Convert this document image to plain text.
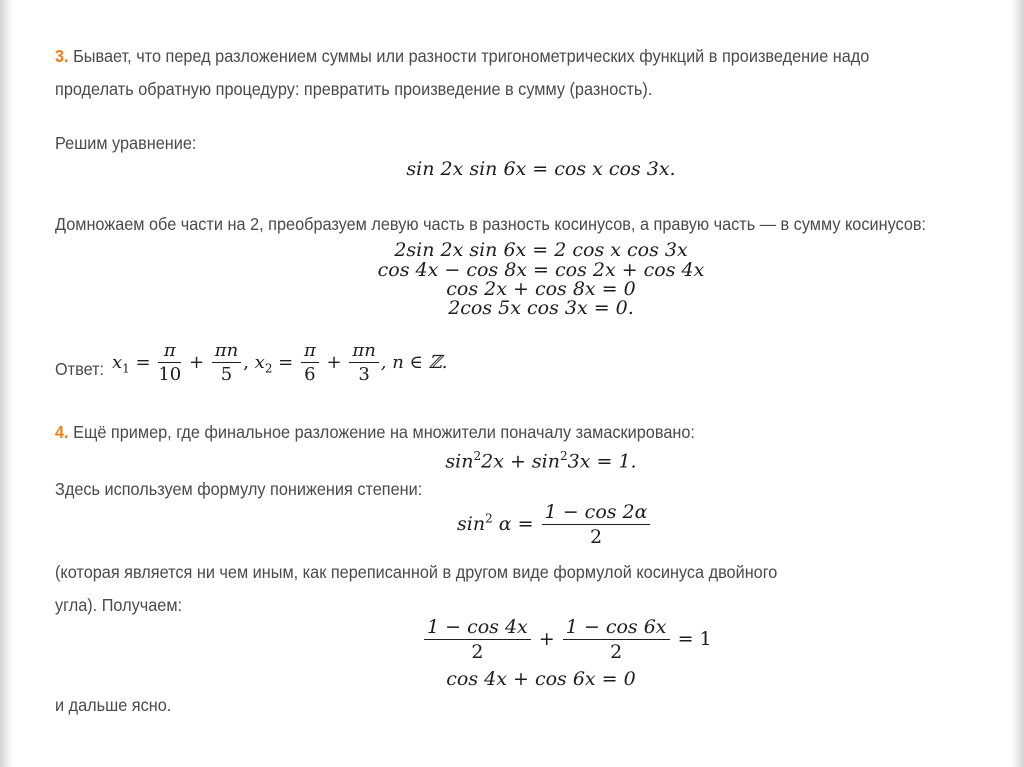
3. Бывает, что перед разложением суммы или разности тригонометрических функций в произведение надо
проделать обратную процедуру: превратить произведение в сумму (разность).
Решим уравнение:
sin 2x sin 6x = cos x cos 3x.
Домножаем обе части на 2, преобразуем левую часть в разность косинусов, а правую часть — в сумму косинусов:
2sin 2x sin 6x = 2 cos x cos 3x
cos 4x − cos 8x = cos 2x + cos 4x
cos 2x + cos 8x = 0
2cos 5x cos 3x = 0.
Ответ: $x_1 = \frac{\pi}{10} + \frac{\pi n}{5}$ , $x_2 = \frac{\pi}{6} + \frac{\pi n}{3}$ , n ∈ ℤ.
4. Ещё пример, где финальное разложение на множители поначалу замаскировано:
$\sin^22x + \sin^23x = 1$.
Здесь используем формулу понижения степени:
$\sin^2 \alpha = \frac{1 - \cos 2\alpha}{2}$
(которая является ни чем иным, как переписанной в другом виде формулой косинуса двойного
угла). Получаем:
$\frac{1 - \cos 4x}{2} + \frac{1 - \cos 6x}{2} = 1$
cos 4x + cos 6x = 0
и дальше ясно.
